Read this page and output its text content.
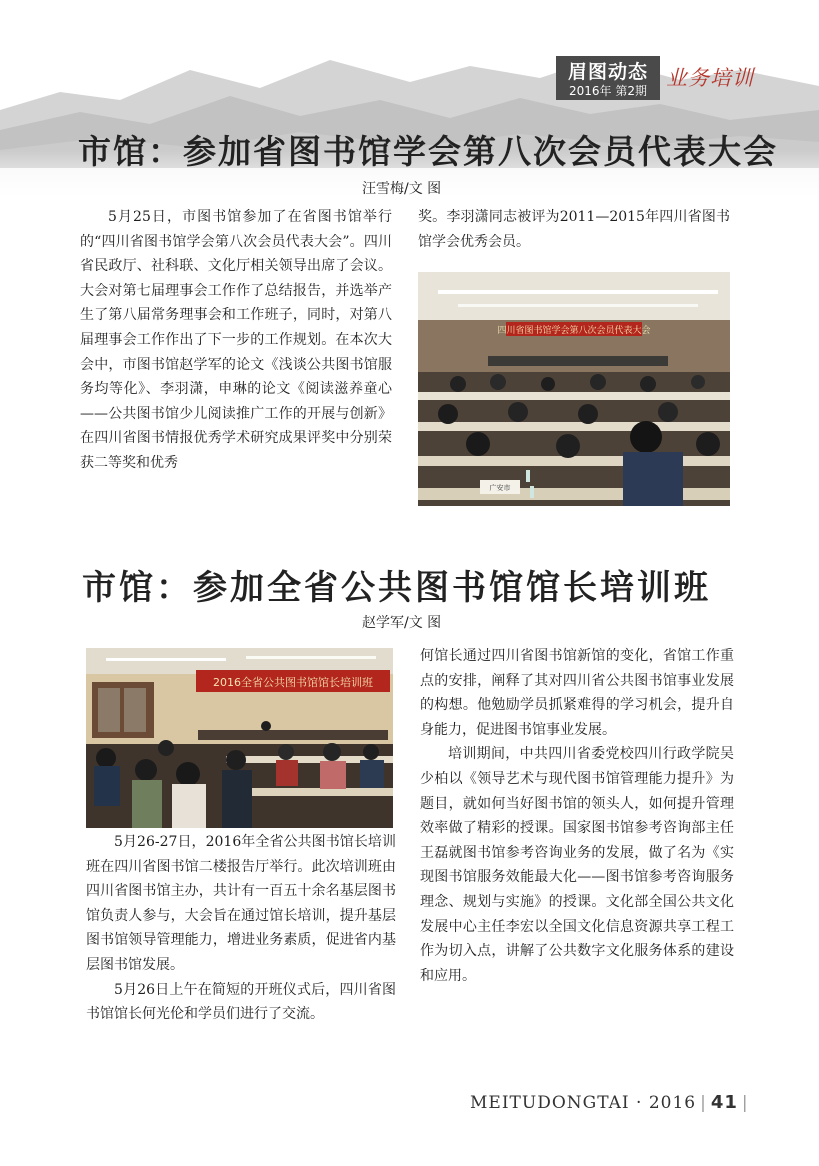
眉图动态
2016年 第2期
业务培训
市馆：参加省图书馆学会第八次会员代表大会
汪雪梅/文 图

5月25日，市图书馆参加了在省图书馆举行的“四川省图书馆学会第八次会员代表大会”。四川省民政厅、社科联、文化厅相关领导出席了会议。大会对第七届理事会工作作了总结报告，并选举产生了第八届常务理事会和工作班子，同时，对第八届理事会工作作出了下一步的工作规划。在本次大会中，市图书馆赵学军的论文《浅谈公共图书馆服务均等化》、李羽潇，申琳的论文《阅读滋养童心——公共图书馆少儿阅读推广工作的开展与创新》在四川省图书情报优秀学术研究成果评奖中分别荣获二等奖和优秀

奖。李羽潇同志被评为2011—2015年四川省图书馆学会优秀会员。

四川省图书馆学会第八次会员代表大会
广安市
市馆：参加全省公共图书馆馆长培训班
赵学军/文 图
2016全省公共图书馆馆长培训班

5月26-27日，2016年全省公共图书馆长培训班在四川省图书馆二楼报告厅举行。此次培训班由四川省图书馆主办，共计有一百五十余名基层图书馆负责人参与，大会旨在通过馆长培训，提升基层图书馆领导管理能力，增进业务素质，促进省内基层图书馆发展。

5月26日上午在简短的开班仪式后，四川省图书馆馆长何光伦和学员们进行了交流。

何馆长通过四川省图书馆新馆的变化，省馆工作重点的安排，阐释了其对四川省公共图书馆事业发展的构想。他勉励学员抓紧难得的学习机会，提升自身能力，促进图书馆事业发展。

培训期间，中共四川省委党校四川行政学院吴少柏以《领导艺术与现代图书馆管理能力提升》为题目，就如何当好图书馆的领头人，如何提升管理效率做了精彩的授课。国家图书馆参考咨询部主任王磊就图书馆参考咨询业务的发展，做了名为《实现图书馆服务效能最大化——图书馆参考咨询服务理念、规划与实施》的授课。文化部全国公共文化发展中心主任李宏以全国文化信息资源共享工程工作为切入点，讲解了公共数字文化服务体系的建设和应用。

MEITUDONGTAI · 2016 | 41 |
